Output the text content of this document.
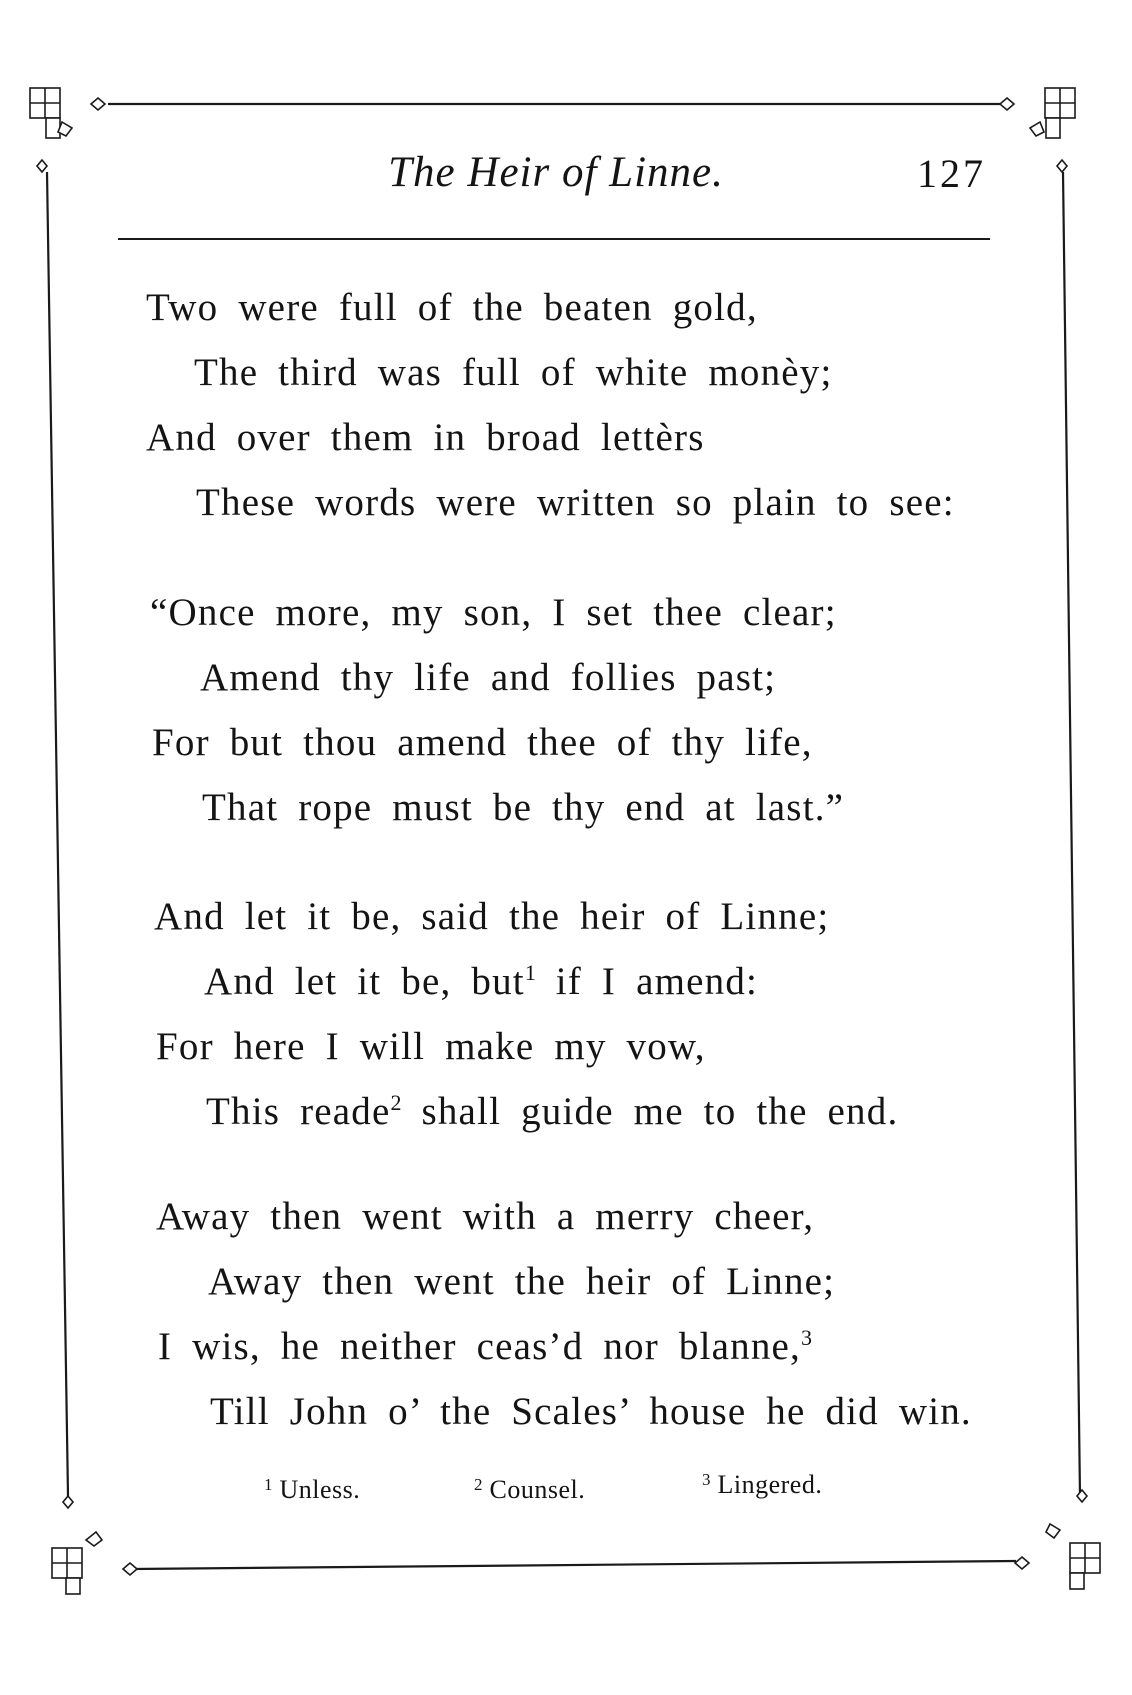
The Heir of Linne.	127
Two were full of the beaten gold,
The third was full of white monèy;
And over them in broad lettèrs
These words were written so plain to see:
“Once more, my son, I set thee clear;
Amend thy life and follies past;
For but thou amend thee of thy life,
That rope must be thy end at last.”
And let it be, said the heir of Linne;
And let it be, but$^1$ if I amend:
For here I will make my vow,
This reade$^2$ shall guide me to the end.
Away then went with a merry cheer,
Away then went the heir of Linne;
I wis, he neither ceas’d nor blanne,$^3$
Till John o’ the Scales’ house he did win.
$^1$ Unless.	$^2$ Counsel.	$^3$ Lingered.
